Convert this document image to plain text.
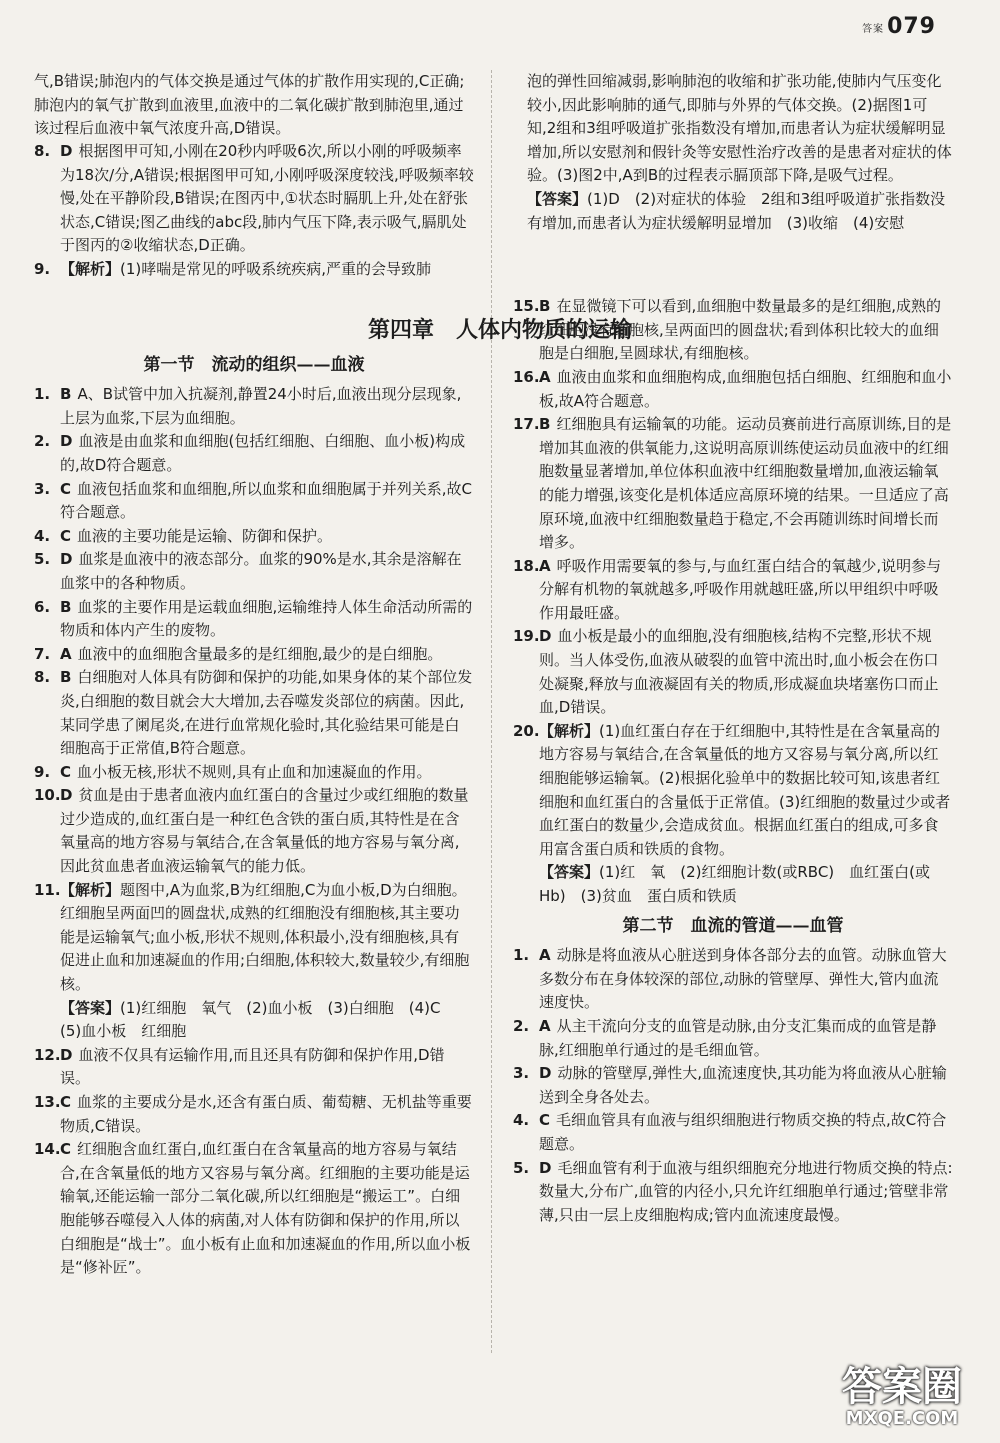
答案 079

气,B错误;肺泡内的气体交换是通过气体的扩散作用实现的,C正确;肺泡内的氧气扩散到血液里,血液中的二氧化碳扩散到肺泡里,通过该过程后血液中氧气浓度升高,D错误。

8. D 根据图甲可知,小刚在20秒内呼吸6次,所以小刚的呼吸频率为18次/分,A错误;根据图甲可知,小刚呼吸深度较浅,呼吸频率较慢,处在平静阶段,B错误;在图丙中,①状态时膈肌上升,处在舒张状态,C错误;图乙曲线的abc段,肺内气压下降,表示吸气,膈肌处于图丙的②收缩状态,D正确。

9. 【解析】(1)哮喘是常见的呼吸系统疾病,严重的会导致肺

第一节　流动的组织——血液

1. B A、B试管中加入抗凝剂,静置24小时后,血液出现分层现象,上层为血浆,下层为血细胞。

2. D 血液是由血浆和血细胞(包括红细胞、白细胞、血小板)构成的,故D符合题意。

3. C 血液包括血浆和血细胞,所以血浆和血细胞属于并列关系,故C符合题意。

4. C 血液的主要功能是运输、防御和保护。

5. D 血浆是血液中的液态部分。血浆的90%是水,其余是溶解在血浆中的各种物质。

6. B 血浆的主要作用是运载血细胞,运输维持人体生命活动所需的物质和体内产生的废物。

7. A 血液中的血细胞含量最多的是红细胞,最少的是白细胞。

8. B 白细胞对人体具有防御和保护的功能,如果身体的某个部位发炎,白细胞的数目就会大大增加,去吞噬发炎部位的病菌。因此,某同学患了阑尾炎,在进行血常规化验时,其化验结果可能是白细胞高于正常值,B符合题意。

9. C 血小板无核,形状不规则,具有止血和加速凝血的作用。

10.D 贫血是由于患者血液内血红蛋白的含量过少或红细胞的数量过少造成的,血红蛋白是一种红色含铁的蛋白质,其特性是在含氧量高的地方容易与氧结合,在含氧量低的地方容易与氧分离,因此贫血患者血液运输氧气的能力低。

11.【解析】题图中,A为血浆,B为红细胞,C为血小板,D为白细胞。红细胞呈两面凹的圆盘状,成熟的红细胞没有细胞核,其主要功能是运输氧气;血小板,形状不规则,体积最小,没有细胞核,具有促进止血和加速凝血的作用;白细胞,体积较大,数量较少,有细胞核。

【答案】(1)红细胞　氧气　(2)血小板　(3)白细胞　(4)C　(5)血小板　红细胞

12.D 血液不仅具有运输作用,而且还具有防御和保护作用,D错误。

13.C 血浆的主要成分是水,还含有蛋白质、葡萄糖、无机盐等重要物质,C错误。

14.C 红细胞含血红蛋白,血红蛋白在含氧量高的地方容易与氧结合,在含氧量低的地方又容易与氧分离。红细胞的主要功能是运输氧,还能运输一部分二氧化碳,所以红细胞是“搬运工”。白细胞能够吞噬侵入人体的病菌,对人体有防御和保护的作用,所以白细胞是“战士”。血小板有止血和加速凝血的作用,所以血小板是“修补匠”。

第四章　人体内物质的运输

泡的弹性回缩减弱,影响肺泡的收缩和扩张功能,使肺内气压变化较小,因此影响肺的通气,即肺与外界的气体交换。(2)据图1可知,2组和3组呼吸道扩张指数没有增加,而患者认为症状缓解明显增加,所以安慰剂和假针灸等安慰性治疗改善的是患者对症状的体验。(3)图2中,A到B的过程表示膈顶部下降,是吸气过程。

【答案】(1)D　(2)对症状的体验　2组和3组呼吸道扩张指数没有增加,而患者认为症状缓解明显增加　(3)收缩　(4)安慰

15.B 在显微镜下可以看到,血细胞中数量最多的是红细胞,成熟的红细胞没有细胞核,呈两面凹的圆盘状;看到体积比较大的血细胞是白细胞,呈圆球状,有细胞核。

16.A 血液由血浆和血细胞构成,血细胞包括白细胞、红细胞和血小板,故A符合题意。

17.B 红细胞具有运输氧的功能。运动员赛前进行高原训练,目的是增加其血液的供氧能力,这说明高原训练使运动员血液中的红细胞数量显著增加,单位体积血液中红细胞数量增加,血液运输氧的能力增强,该变化是机体适应高原环境的结果。一旦适应了高原环境,血液中红细胞数量趋于稳定,不会再随训练时间增长而增多。

18.A 呼吸作用需要氧的参与,与血红蛋白结合的氧越少,说明参与分解有机物的氧就越多,呼吸作用就越旺盛,所以甲组织中呼吸作用最旺盛。

19.D 血小板是最小的血细胞,没有细胞核,结构不完整,形状不规则。当人体受伤,血液从破裂的血管中流出时,血小板会在伤口处凝聚,释放与血液凝固有关的物质,形成凝血块堵塞伤口而止血,D错误。

20.【解析】(1)血红蛋白存在于红细胞中,其特性是在含氧量高的地方容易与氧结合,在含氧量低的地方又容易与氧分离,所以红细胞能够运输氧。(2)根据化验单中的数据比较可知,该患者红细胞和血红蛋白的含量低于正常值。(3)红细胞的数量过少或者血红蛋白的数量少,会造成贫血。根据血红蛋白的组成,可多食用富含蛋白质和铁质的食物。

【答案】(1)红　氧　(2)红细胞计数(或RBC)　血红蛋白(或Hb)　(3)贫血　蛋白质和铁质

第二节　血流的管道——血管

1. A 动脉是将血液从心脏送到身体各部分去的血管。动脉血管大多数分布在身体较深的部位,动脉的管壁厚、弹性大,管内血流速度快。

2. A 从主干流向分支的血管是动脉,由分支汇集而成的血管是静脉,红细胞单行通过的是毛细血管。

3. D 动脉的管壁厚,弹性大,血流速度快,其功能为将血液从心脏输送到全身各处去。

4. C 毛细血管具有血液与组织细胞进行物质交换的特点,故C符合题意。

5. D 毛细血管有利于血液与组织细胞充分地进行物质交换的特点:数量大,分布广,血管的内径小,只允许红细胞单行通过;管壁非常薄,只由一层上皮细胞构成;管内血流速度最慢。

答案圈
MXQE.COM
